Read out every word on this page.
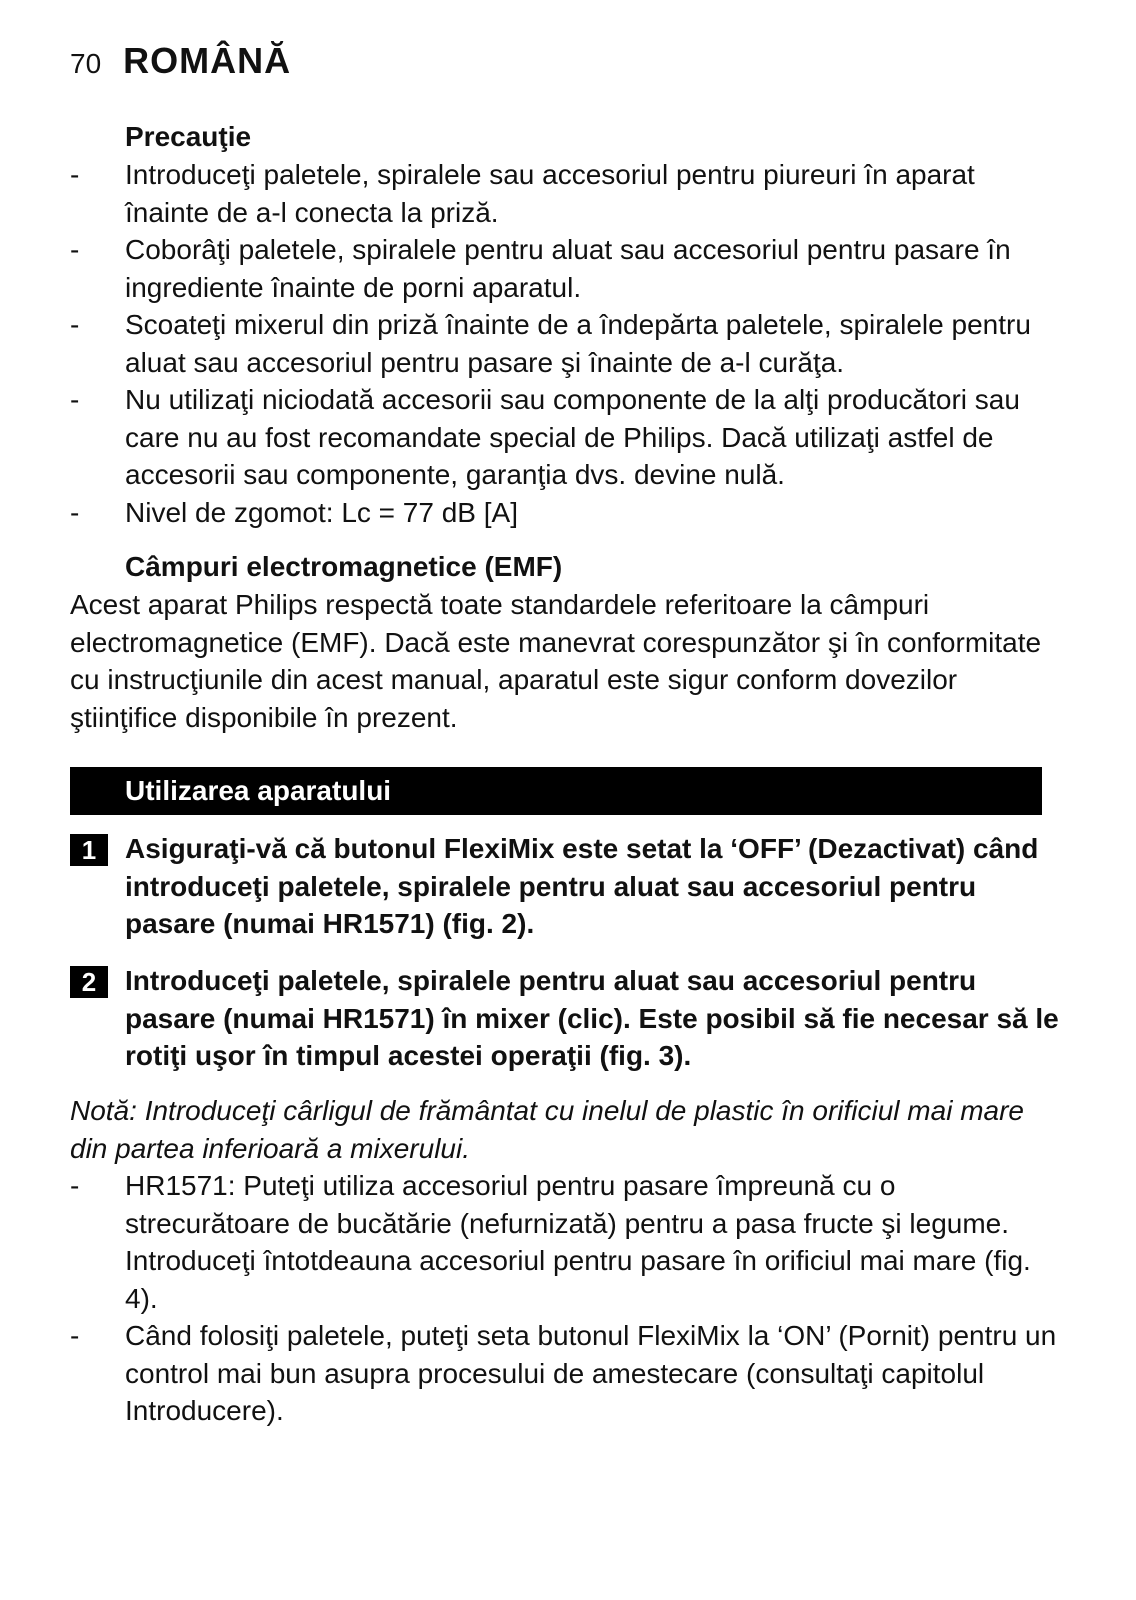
70 ROMÂNĂ
Precauţie
-	Introduceţi paletele, spiralele sau accesoriul pentru piureuri în aparat înainte de a-l conecta la priză.
-	Coborâţi paletele, spiralele pentru aluat sau accesoriul pentru pasare în ingrediente înainte de porni aparatul.
-	Scoateţi mixerul din priză înainte de a îndepărta paletele, spiralele pentru aluat sau accesoriul pentru pasare şi înainte de a-l curăţa.
-	Nu utilizaţi niciodată accesorii sau componente de la alţi producători sau care nu au fost recomandate special de Philips. Dacă utilizaţi astfel de accesorii sau componente, garanţia dvs. devine nulă.
-	Nivel de zgomot: Lc = 77 dB [A]
Câmpuri electromagnetice (EMF)
Acest aparat Philips respectă toate standardele referitoare la câmpuri electromagnetice (EMF). Dacă este manevrat corespunzător şi în conformitate cu instrucţiunile din acest manual, aparatul este sigur conform dovezilor ştiinţifice disponibile în prezent.
Utilizarea aparatului
1	Asiguraţi-vă că butonul FlexiMix este setat la ‘OFF’ (Dezactivat) când introduceţi paletele, spiralele pentru aluat sau accesoriul pentru pasare (numai HR1571) (fig. 2).
2	Introduceţi paletele, spiralele pentru aluat sau accesoriul pentru pasare (numai HR1571) în mixer (clic). Este posibil să fie necesar să le rotiţi uşor în timpul acestei operaţii (fig. 3).
Notă: Introduceţi cârligul de frământat cu inelul de plastic în orificiul mai mare din partea inferioară a mixerului.
-	HR1571: Puteţi utiliza accesoriul pentru pasare împreună cu o strecurătoare de bucătărie (nefurnizată) pentru a pasa fructe şi legume. Introduceţi întotdeauna accesoriul pentru pasare în orificiul mai mare (fig. 4).
-	Când folosiţi paletele, puteţi seta butonul FlexiMix la ‘ON’ (Pornit) pentru un control mai bun asupra procesului de amestecare (consultaţi capitolul Introducere).
